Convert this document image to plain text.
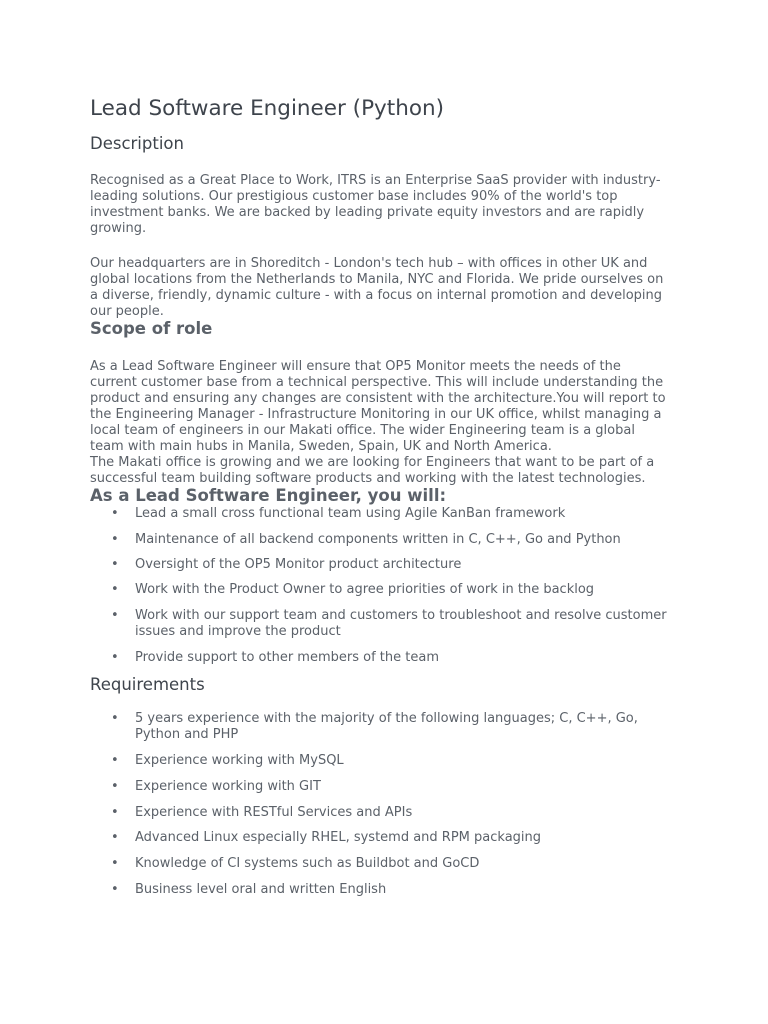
Lead Software Engineer (Python)
Description

Recognised as a Great Place to Work, ITRS is an Enterprise SaaS provider with industry-
leading solutions. Our prestigious customer base includes 90% of the world's top
investment banks. We are backed by leading private equity investors and are rapidly
growing.

Our headquarters are in Shoreditch - London's tech hub – with offices in other UK and
global locations from the Netherlands to Manila, NYC and Florida. We pride ourselves on
a diverse, friendly, dynamic culture - with a focus on internal promotion and developing
our people.

Scope of role

As a Lead Software Engineer will ensure that OP5 Monitor meets the needs of the
current customer base from a technical perspective. This will include understanding the
product and ensuring any changes are consistent with the architecture.You will report to
the Engineering Manager - Infrastructure Monitoring in our UK office, whilst managing a
local team of engineers in our Makati office. The wider Engineering team is a global
team with main hubs in Manila, Sweden, Spain, UK and North America.
The Makati office is growing and we are looking for Engineers that want to be part of a
successful team building software products and working with the latest technologies.

As a Lead Software Engineer, you will:
• Lead a small cross functional team using Agile KanBan framework
• Maintenance of all backend components written in C, C++, Go and Python
• Oversight of the OP5 Monitor product architecture
• Work with the Product Owner to agree priorities of work in the backlog
• Work with our support team and customers to troubleshoot and resolve customer
issues and improve the product
• Provide support to other members of the team
Requirements
• 5 years experience with the majority of the following languages; C, C++, Go,
Python and PHP
• Experience working with MySQL
• Experience working with GIT
• Experience with RESTful Services and APIs
• Advanced Linux especially RHEL, systemd and RPM packaging
• Knowledge of CI systems such as Buildbot and GoCD
• Business level oral and written English
